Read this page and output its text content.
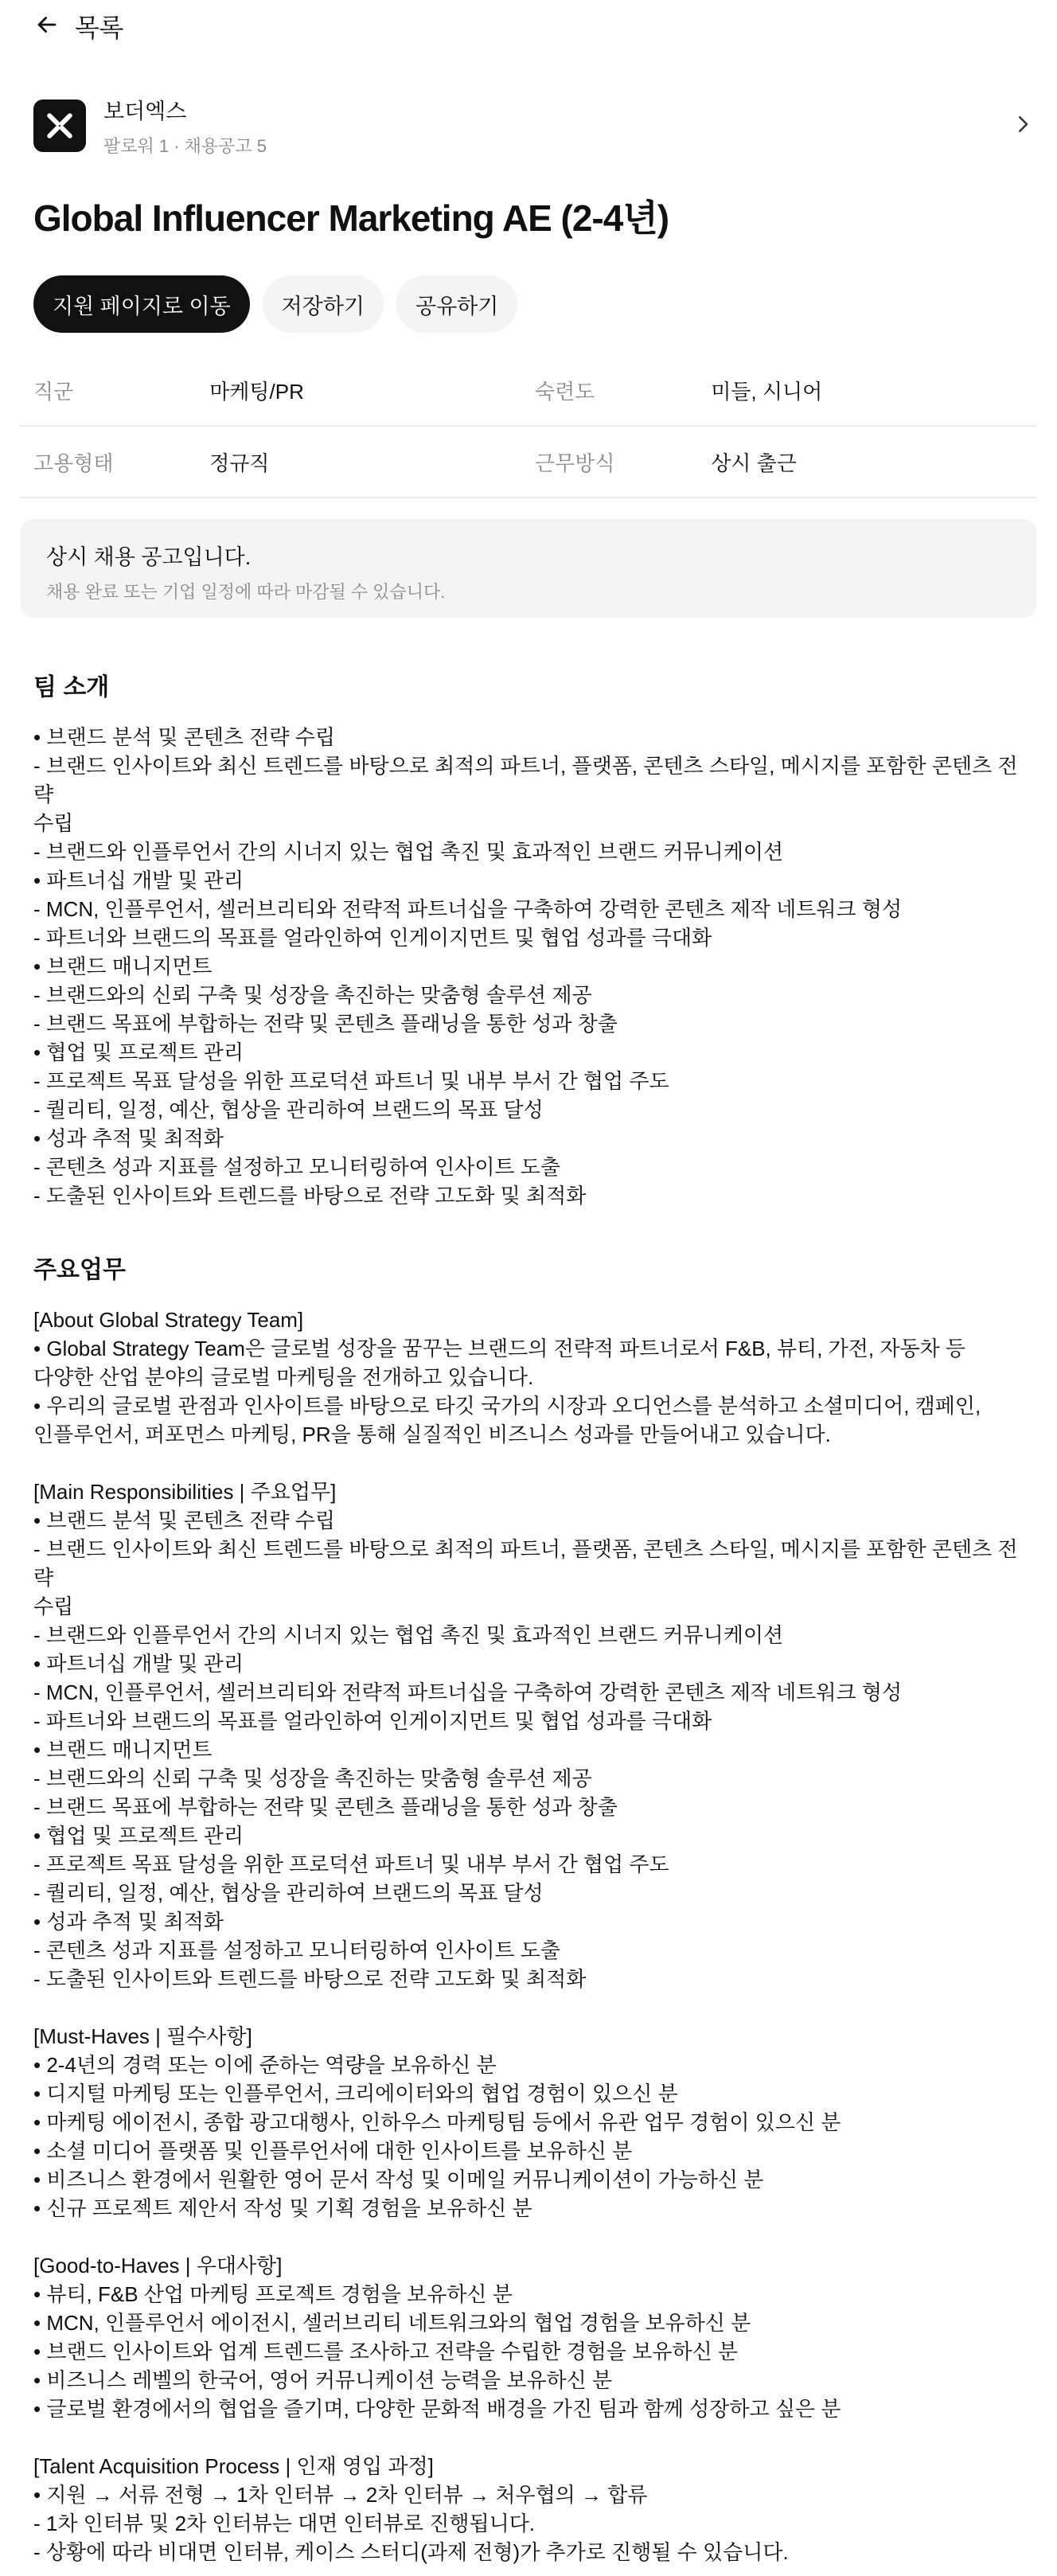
목록
보더엑스
팔로워 1 · 채용공고 5
Global Influencer Marketing AE (2-4년)
지원 페이지로 이동	저장하기	공유하기
직군	마케팅/PR	숙련도	미들, 시니어
고용형태	정규직	근무방식	상시 출근
상시 채용 공고입니다.
채용 완료 또는 기업 일정에 따라 마감될 수 있습니다.
팀 소개
• 브랜드 분석 및 콘텐츠 전략 수립
- 브랜드 인사이트와 최신 트렌드를 바탕으로 최적의 파트너, 플랫폼, 콘텐츠 스타일, 메시지를 포함한 콘텐츠 전략
수립
- 브랜드와 인플루언서 간의 시너지 있는 협업 촉진 및 효과적인 브랜드 커뮤니케이션
• 파트너십 개발 및 관리
- MCN, 인플루언서, 셀러브리티와 전략적 파트너십을 구축하여 강력한 콘텐츠 제작 네트워크 형성
- 파트너와 브랜드의 목표를 얼라인하여 인게이지먼트 및 협업 성과를 극대화
• 브랜드 매니지먼트
- 브랜드와의 신뢰 구축 및 성장을 촉진하는 맞춤형 솔루션 제공
- 브랜드 목표에 부합하는 전략 및 콘텐츠 플래닝을 통한 성과 창출
• 협업 및 프로젝트 관리
- 프로젝트 목표 달성을 위한 프로덕션 파트너 및 내부 부서 간 협업 주도
- 퀄리티, 일정, 예산, 협상을 관리하여 브랜드의 목표 달성
• 성과 추적 및 최적화
- 콘텐츠 성과 지표를 설정하고 모니터링하여 인사이트 도출
- 도출된 인사이트와 트렌드를 바탕으로 전략 고도화 및 최적화
주요업무
[About Global Strategy Team]
• Global Strategy Team은 글로벌 성장을 꿈꾸는 브랜드의 전략적 파트너로서 F&B, 뷰티, 가전, 자동차 등
다양한 산업 분야의 글로벌 마케팅을 전개하고 있습니다.
• 우리의 글로벌 관점과 인사이트를 바탕으로 타깃 국가의 시장과 오디언스를 분석하고 소셜미디어, 캠페인,
인플루언서, 퍼포먼스 마케팅, PR을 통해 실질적인 비즈니스 성과를 만들어내고 있습니다.
[Main Responsibilities | 주요업무]
• 브랜드 분석 및 콘텐츠 전략 수립
- 브랜드 인사이트와 최신 트렌드를 바탕으로 최적의 파트너, 플랫폼, 콘텐츠 스타일, 메시지를 포함한 콘텐츠 전략
수립
- 브랜드와 인플루언서 간의 시너지 있는 협업 촉진 및 효과적인 브랜드 커뮤니케이션
• 파트너십 개발 및 관리
- MCN, 인플루언서, 셀러브리티와 전략적 파트너십을 구축하여 강력한 콘텐츠 제작 네트워크 형성
- 파트너와 브랜드의 목표를 얼라인하여 인게이지먼트 및 협업 성과를 극대화
• 브랜드 매니지먼트
- 브랜드와의 신뢰 구축 및 성장을 촉진하는 맞춤형 솔루션 제공
- 브랜드 목표에 부합하는 전략 및 콘텐츠 플래닝을 통한 성과 창출
• 협업 및 프로젝트 관리
- 프로젝트 목표 달성을 위한 프로덕션 파트너 및 내부 부서 간 협업 주도
- 퀄리티, 일정, 예산, 협상을 관리하여 브랜드의 목표 달성
• 성과 추적 및 최적화
- 콘텐츠 성과 지표를 설정하고 모니터링하여 인사이트 도출
- 도출된 인사이트와 트렌드를 바탕으로 전략 고도화 및 최적화
[Must-Haves | 필수사항]
• 2-4년의 경력 또는 이에 준하는 역량을 보유하신 분
• 디지털 마케팅 또는 인플루언서, 크리에이터와의 협업 경험이 있으신 분
• 마케팅 에이전시, 종합 광고대행사, 인하우스 마케팅팀 등에서 유관 업무 경험이 있으신 분
• 소셜 미디어 플랫폼 및 인플루언서에 대한 인사이트를 보유하신 분
• 비즈니스 환경에서 원활한 영어 문서 작성 및 이메일 커뮤니케이션이 가능하신 분
• 신규 프로젝트 제안서 작성 및 기획 경험을 보유하신 분
[Good-to-Haves | 우대사항]
• 뷰티, F&B 산업 마케팅 프로젝트 경험을 보유하신 분
• MCN, 인플루언서 에이전시, 셀러브리티 네트워크와의 협업 경험을 보유하신 분
• 브랜드 인사이트와 업계 트렌드를 조사하고 전략을 수립한 경험을 보유하신 분
• 비즈니스 레벨의 한국어, 영어 커뮤니케이션 능력을 보유하신 분
• 글로벌 환경에서의 협업을 즐기며, 다양한 문화적 배경을 가진 팀과 함께 성장하고 싶은 분
[Talent Acquisition Process | 인재 영입 과정]
• 지원 → 서류 전형 → 1차 인터뷰 → 2차 인터뷰 → 처우협의 → 합류
- 1차 인터뷰 및 2차 인터뷰는 대면 인터뷰로 진행됩니다.
- 상황에 따라 비대면 인터뷰, 케이스 스터디(과제 전형)가 추가로 진행될 수 있습니다.
